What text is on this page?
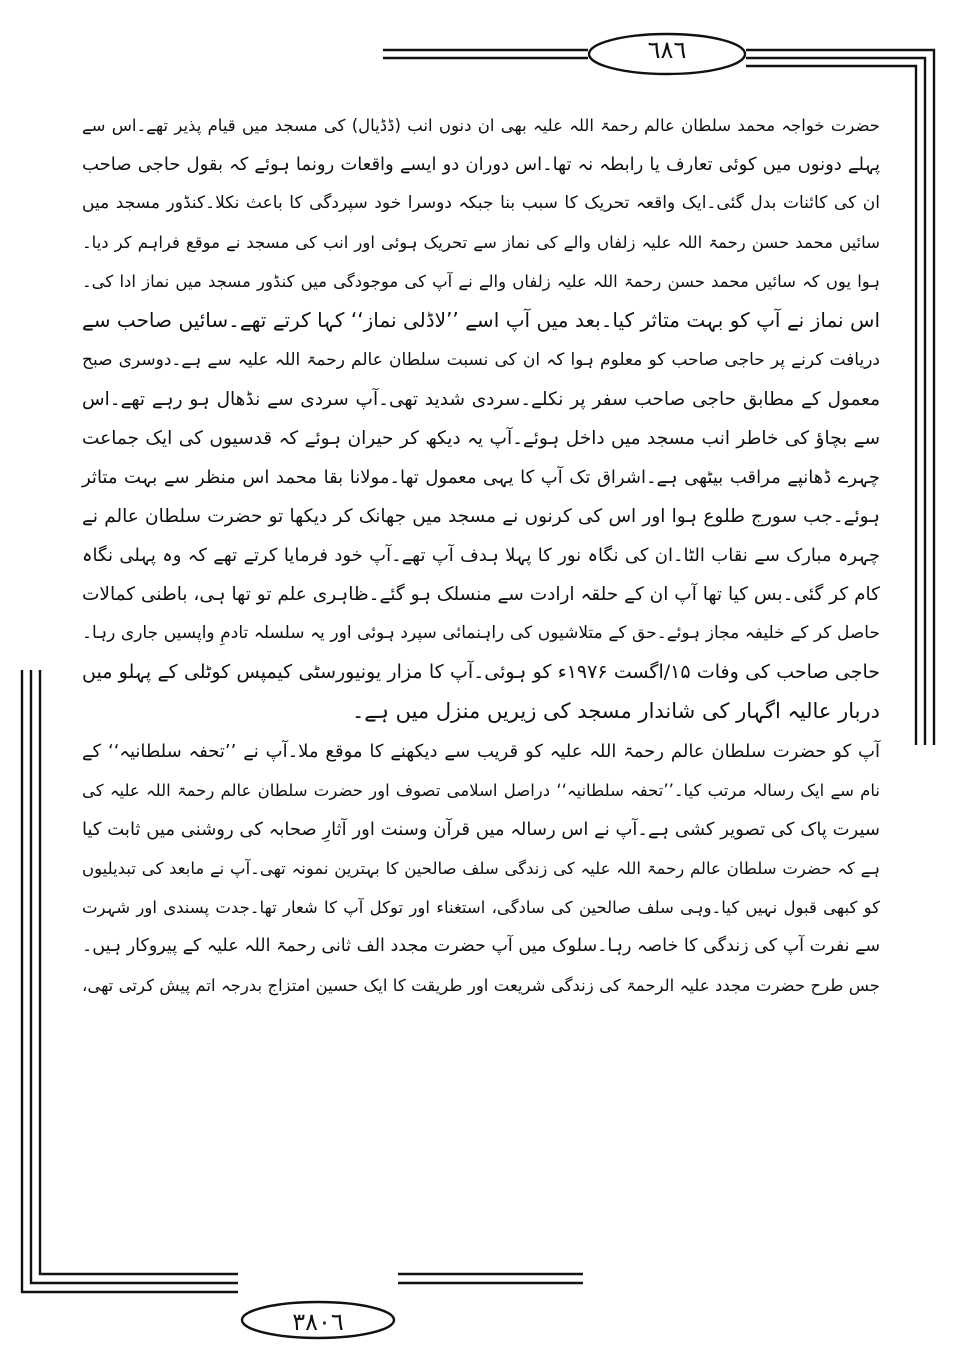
٦٨٦
٣٨٠٦
حضرت خواجہ محمد سلطان عالم رحمۃ اللہ علیہ بھی ان دنوں انب (ڈڈیال) کی مسجد میں قیام پذیر تھے۔اس سے
پہلے دونوں میں کوئی تعارف یا رابطہ نہ تھا۔اس دوران دو ایسے واقعات رونما ہوئے کہ بقول حاجی صاحب
ان کی کائنات بدل گئی۔ایک واقعہ تحریک کا سبب بنا جبکہ دوسرا خود سپردگی کا باعث نکلا۔کنڈور مسجد میں
سائیں محمد حسن رحمۃ اللہ علیہ زلفاں والے کی نماز سے تحریک ہوئی اور انب کی مسجد نے موقع فراہم کر دیا۔
ہوا یوں کہ سائیں محمد حسن رحمۃ اللہ علیہ زلفاں والے نے آپ کی موجودگی میں کنڈور مسجد میں نماز ادا کی۔
اس نماز نے آپ کو بہت متاثر کیا۔بعد میں آپ اسے ’’لاڈلی نماز‘‘ کہا کرتے تھے۔سائیں صاحب سے
دریافت کرنے پر حاجی صاحب کو معلوم ہوا کہ ان کی نسبت سلطان عالم رحمۃ اللہ علیہ سے ہے۔دوسری صبح
معمول کے مطابق حاجی صاحب سفر پر نکلے۔سردی شدید تھی۔آپ سردی سے نڈھال ہو رہے تھے۔اس
سے بچاؤ کی خاطر انب مسجد میں داخل ہوئے۔آپ یہ دیکھ کر حیران ہوئے کہ قدسیوں کی ایک جماعت
چہرے ڈھانپے مراقب بیٹھی ہے۔اشراق تک آپ کا یہی معمول تھا۔مولانا بقا محمد اس منظر سے بہت متاثر
ہوئے۔جب سورج طلوع ہوا اور اس کی کرنوں نے مسجد میں جھانک کر دیکھا تو حضرت سلطان عالم نے
چہرہ مبارک سے نقاب الٹا۔ان کی نگاہ نور کا پہلا ہدف آپ تھے۔آپ خود فرمایا کرتے تھے کہ وہ پہلی نگاہ
کام کر گئی۔بس کیا تھا آپ ان کے حلقہ ارادت سے منسلک ہو گئے۔ظاہری علم تو تھا ہی، باطنی کمالات
حاصل کر کے خلیفہ مجاز ہوئے۔حق کے متلاشیوں کی راہنمائی سپرد ہوئی اور یہ سلسلہ تادمِ واپسیں جاری رہا۔
حاجی صاحب کی وفات ۱۵/اگست ۱۹۷۶ء کو ہوئی۔آپ کا مزار یونیورسٹی کیمپس کوٹلی کے پہلو میں
دربار عالیہ اگہار کی شاندار مسجد کی زیریں منزل میں ہے۔
آپ کو حضرت سلطان عالم رحمۃ اللہ علیہ کو قریب سے دیکھنے کا موقع ملا۔آپ نے ’’تحفہ سلطانیہ‘‘ کے
نام سے ایک رسالہ مرتب کیا۔’’تحفہ سلطانیہ‘‘ دراصل اسلامی تصوف اور حضرت سلطان عالم رحمۃ اللہ علیہ کی
سیرت پاک کی تصویر کشی ہے۔آپ نے اس رسالہ میں قرآن وسنت اور آثارِ صحابہ کی روشنی میں ثابت کیا
ہے کہ حضرت سلطان عالم رحمۃ اللہ علیہ کی زندگی سلف صالحین کا بہترین نمونہ تھی۔آپ نے مابعد کی تبدیلیوں
کو کبھی قبول نہیں کیا۔وہی سلف صالحین کی سادگی، استغناء اور توکل آپ کا شعار تھا۔جدت پسندی اور شہرت
سے نفرت آپ کی زندگی کا خاصہ رہا۔سلوک میں آپ حضرت مجدد الف ثانی رحمۃ اللہ علیہ کے پیروکار ہیں۔
جس طرح حضرت مجدد علیہ الرحمۃ کی زندگی شریعت اور طریقت کا ایک حسین امتزاج بدرجہ اتم پیش کرتی تھی،
